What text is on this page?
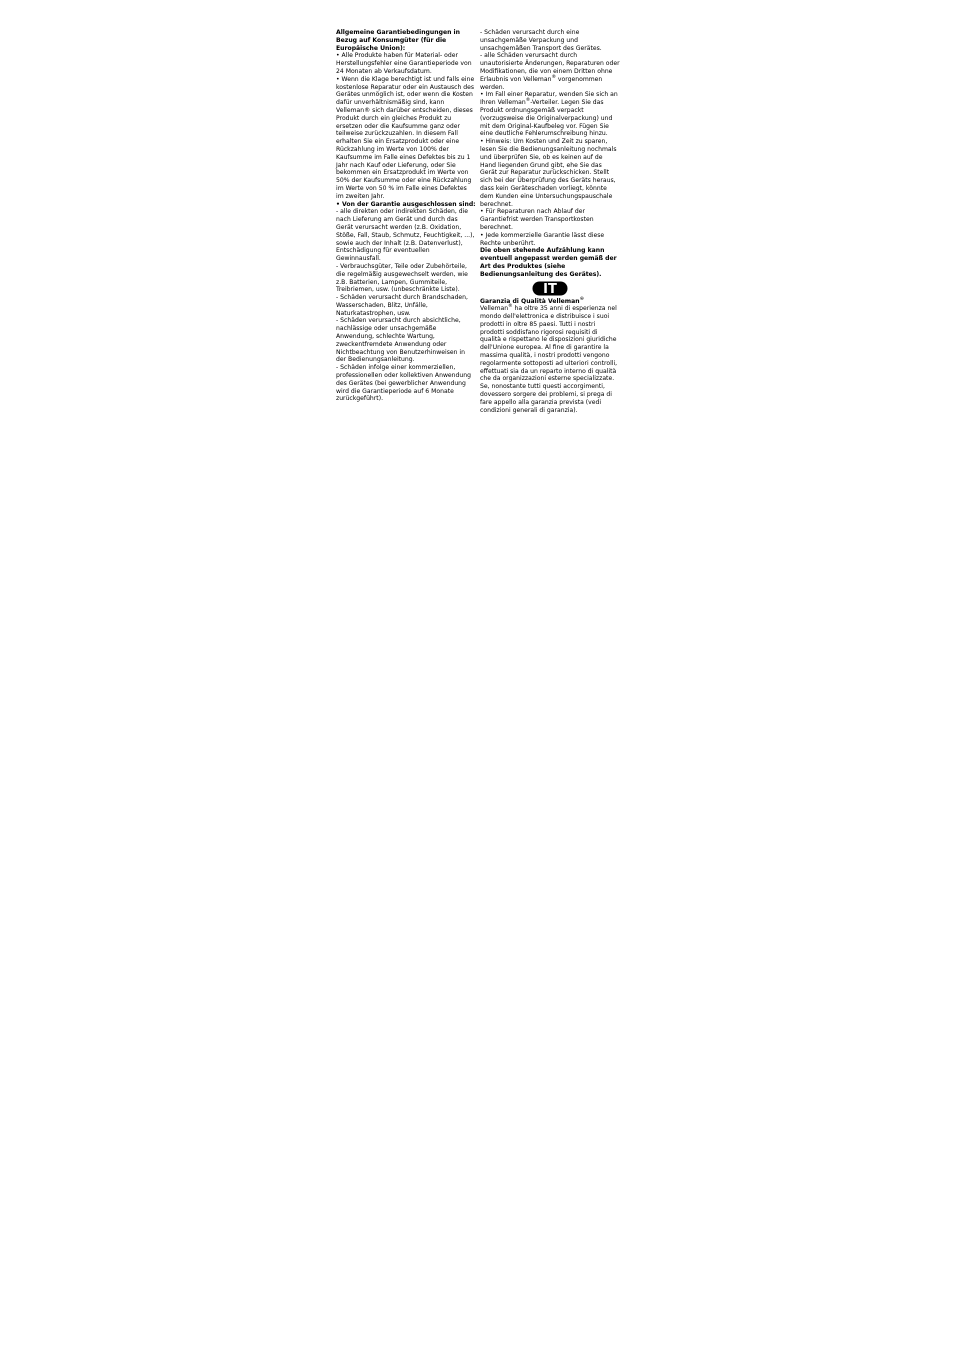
Allgemeine Garantiebedingungen in Bezug auf Konsumgüter (für die Europäische Union):

• Alle Produkte haben für Material- oder Herstellungsfehler eine Garantieperiode von 24 Monaten ab Verkaufsdatum.

• Wenn die Klage berechtigt ist und falls eine kostenlose Reparatur oder ein Austausch des Gerätes unmöglich ist, oder wenn die Kosten dafür unverhältnismäßig sind, kann Velleman® sich darüber entscheiden, dieses Produkt durch ein gleiches Produkt zu ersetzen oder die Kaufsumme ganz oder teilweise zurückzuzahlen. In diesem Fall erhalten Sie ein Ersatzprodukt oder eine Rückzahlung im Werte von 100% der Kaufsumme im Falle eines Defektes bis zu 1 Jahr nach Kauf oder Lieferung, oder Sie bekommen ein Ersatzprodukt im Werte von 50% der Kaufsumme oder eine Rückzahlung im Werte von 50 % im Falle eines Defektes im zweiten Jahr.

• Von der Garantie ausgeschlossen sind:

- alle direkten oder indirekten Schäden, die nach Lieferung am Gerät und durch das Gerät verursacht werden (z.B. Oxidation, Stöße, Fall, Staub, Schmutz, Feuchtigkeit, ...), sowie auch der Inhalt (z.B. Datenverlust), Entschädigung für eventuellen Gewinnausfall.

- Verbrauchsgüter, Teile oder Zubehörteile, die regelmäßig ausgewechselt werden, wie z.B. Batterien, Lampen, Gummiteile, Treibriemen, usw. (unbeschränkte Liste).

- Schäden verursacht durch Brandschaden, Wasserschaden, Blitz, Unfälle, Naturkatastrophen, usw.

- Schäden verursacht durch absichtliche, nachlässige oder unsachgemäße Anwendung, schlechte Wartung, zweckentfremdete Anwendung oder Nichtbeachtung von Benutzerhinweisen in der Bedienungsanleitung.

- Schäden infolge einer kommerziellen, professionellen oder kollektiven Anwendung des Gerätes (bei gewerblicher Anwendung wird die Garantieperiode auf 6 Monate zurückgeführt).

- Schäden verursacht durch eine unsachgemäße Verpackung und unsachgemäßen Transport des Gerätes.

- alle Schäden verursacht durch unautorisierte Änderungen, Reparaturen oder Modifikationen, die von einem Dritten ohne Erlaubnis von Velleman® vorgenommen werden.

• Im Fall einer Reparatur, wenden Sie sich an Ihren Velleman®-Verteiler. Legen Sie das Produkt ordnungsgemäß verpackt (vorzugsweise die Originalverpackung) und mit dem Original-Kaufbeleg vor. Fügen Sie eine deutliche Fehlerumschreibung hinzu.

• Hinweis: Um Kosten und Zeit zu sparen, lesen Sie die Bedienungsanleitung nochmals und überprüfen Sie, ob es keinen auf de Hand liegenden Grund gibt, ehe Sie das Gerät zur Reparatur zurückschicken. Stellt sich bei der Überprüfung des Geräts heraus, dass kein Geräteschaden vorliegt, könnte dem Kunden eine Untersuchungspauschale berechnet.

• Für Reparaturen nach Ablauf der Garantiefrist werden Transportkosten berechnet.

• Jede kommerzielle Garantie lässt diese Rechte unberührt.

Die oben stehende Aufzählung kann eventuell angepasst werden gemäß der Art des Produktes (siehe Bedienungsanleitung des Gerätes).

IT

Garanzia di Qualità Velleman®

Velleman® ha oltre 35 anni di esperienza nel mondo dell'elettronica e distribuisce i suoi prodotti in oltre 85 paesi. Tutti i nostri prodotti soddisfano rigorosi requisiti di qualità e rispettano le disposizioni giuridiche dell'Unione europea. Al fine di garantire la massima qualità, i nostri prodotti vengono regolarmente sottoposti ad ulteriori controlli, effettuati sia da un reparto interno di qualità che da organizzazioni esterne specializzate. Se, nonostante tutti questi accorgimenti, dovessero sorgere dei problemi, si prega di fare appello alla garanzia prevista (vedi condizioni generali di garanzia).
